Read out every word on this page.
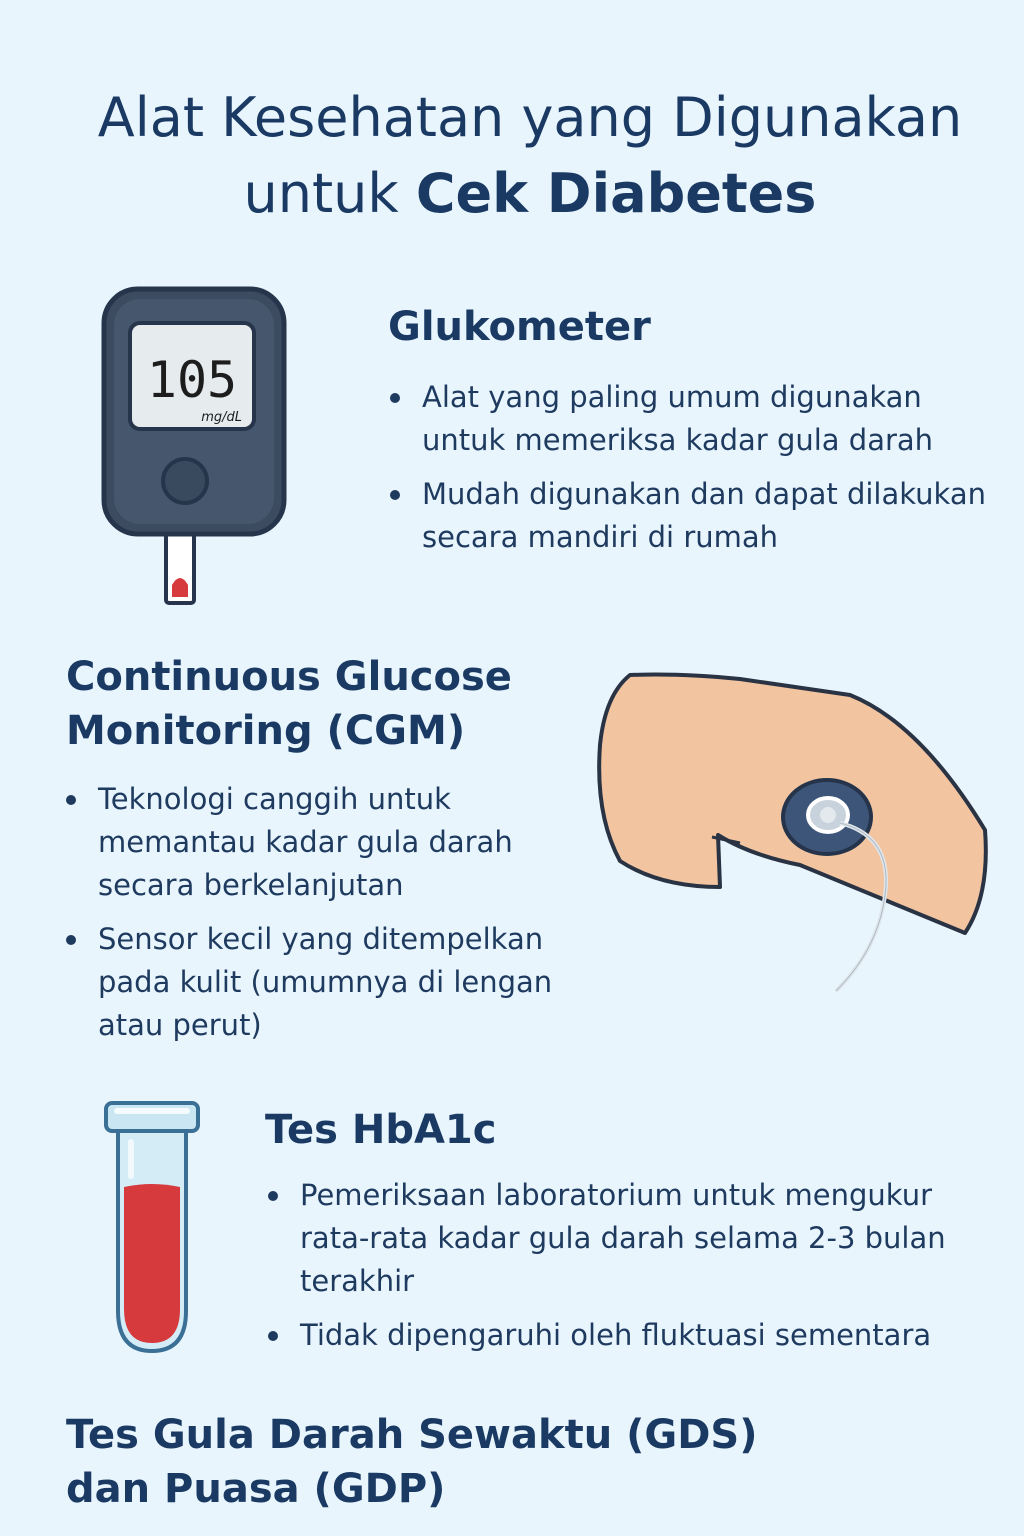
Alat Kesehatan yang Digunakan
untuk Cek Diabetes
105
mg/dL
Glukometer
Alat yang paling umum digunakan untuk memeriksa kadar gula darah
Mudah digunakan dan dapat dilakukan secara mandiri di rumah
Continuous Glucose
Monitoring (CGM)
Teknologi canggih untuk memantau kadar gula darah secara berkelanjutan
Sensor kecil yang ditempelkan pada kulit (umumnya di lengan atau perut)
Tes HbA1c
Pemeriksaan laboratorium untuk mengukur rata-rata kadar gula darah selama 2-3 bulan terakhir
Tidak dipengaruhi oleh fluktuasi sementara
Tes Gula Darah Sewaktu (GDS)
dan Puasa (GDP)
